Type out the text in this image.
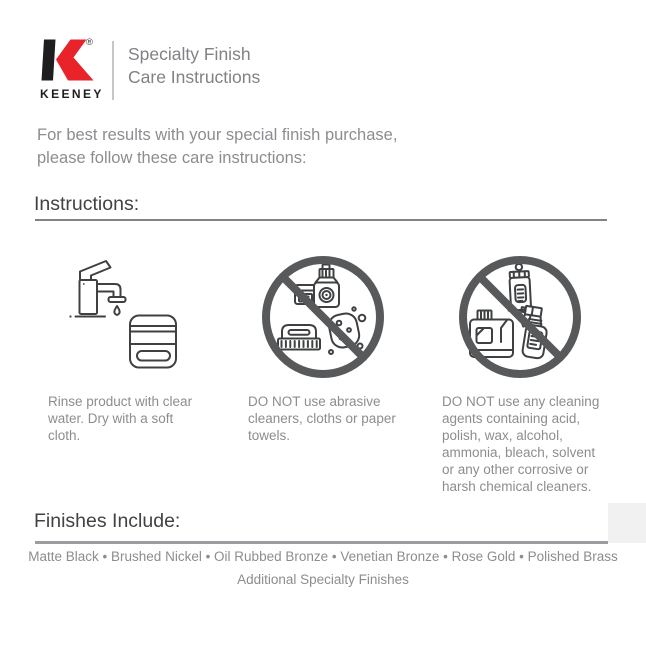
®
KEENEY
Specialty Finish
Care Instructions
For best results with your special finish purchase,
please follow these care instructions:
Instructions:
Rinse product with clear water. Dry with a soft cloth.
DO NOT use abrasive cleaners, cloths or paper towels.
DO NOT use any cleaning agents containing acid, polish, wax, alcohol, ammonia, bleach, solvent or any other corrosive or harsh chemical cleaners.
Finishes Include:
Matte Black • Brushed Nickel • Oil Rubbed Bronze • Venetian Bronze • Rose Gold • Polished Brass
Additional Specialty Finishes
